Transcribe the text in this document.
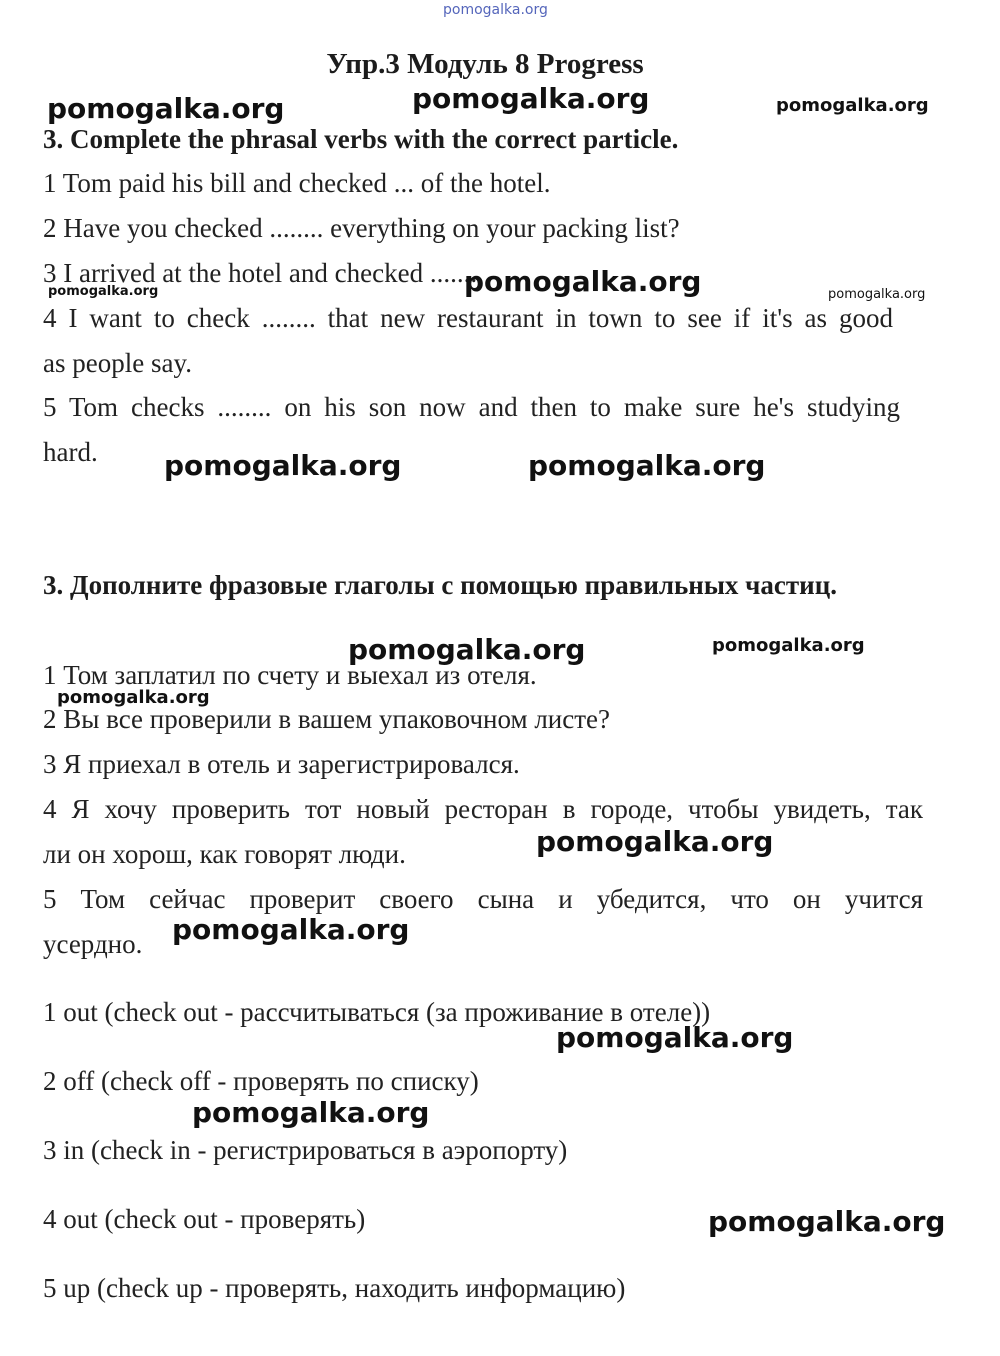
pomogalka.org
Упр.3 Модуль 8 Progress
3. Complete the phrasal verbs with the correct particle.
1 Tom paid his bill and checked ... of the hotel.
2 Have you checked ........ everything on your packing list?
3 I arrived at the hotel and checked ........
4 I want to check ........ that new restaurant in town to see if it's as good
as people say.
5 Tom checks ........ on his son now and then to make sure he's studying
hard.
3. Дополните фразовые глаголы с помощью правильных частиц.
1 Том заплатил по счету и выехал из отеля.
2 Вы все проверили в вашем упаковочном листе?
3 Я приехал в отель и зарегистрировался.
4 Я хочу проверить тот новый ресторан в городе, чтобы увидеть, так
ли он хорош, как говорят люди.
5 Том сейчас проверит своего сына и убедится, что он учится
усердно.
1 out (check out - рассчитываться (за проживание в отеле))
2 off (check off - проверять по списку)
3 in (check in - регистрироваться в аэропорту)
4 out (check out - проверять)
5 up (check up - проверять, находить информацию)
pomogalka.org	pomogalka.org	pomogalka.org
pomogalka.org	pomogalka.org	pomogalka.org
pomogalka.org	pomogalka.org
pomogalka.org	pomogalka.org
pomogalka.org
pomogalka.org
pomogalka.org
pomogalka.org
pomogalka.org
pomogalka.org
